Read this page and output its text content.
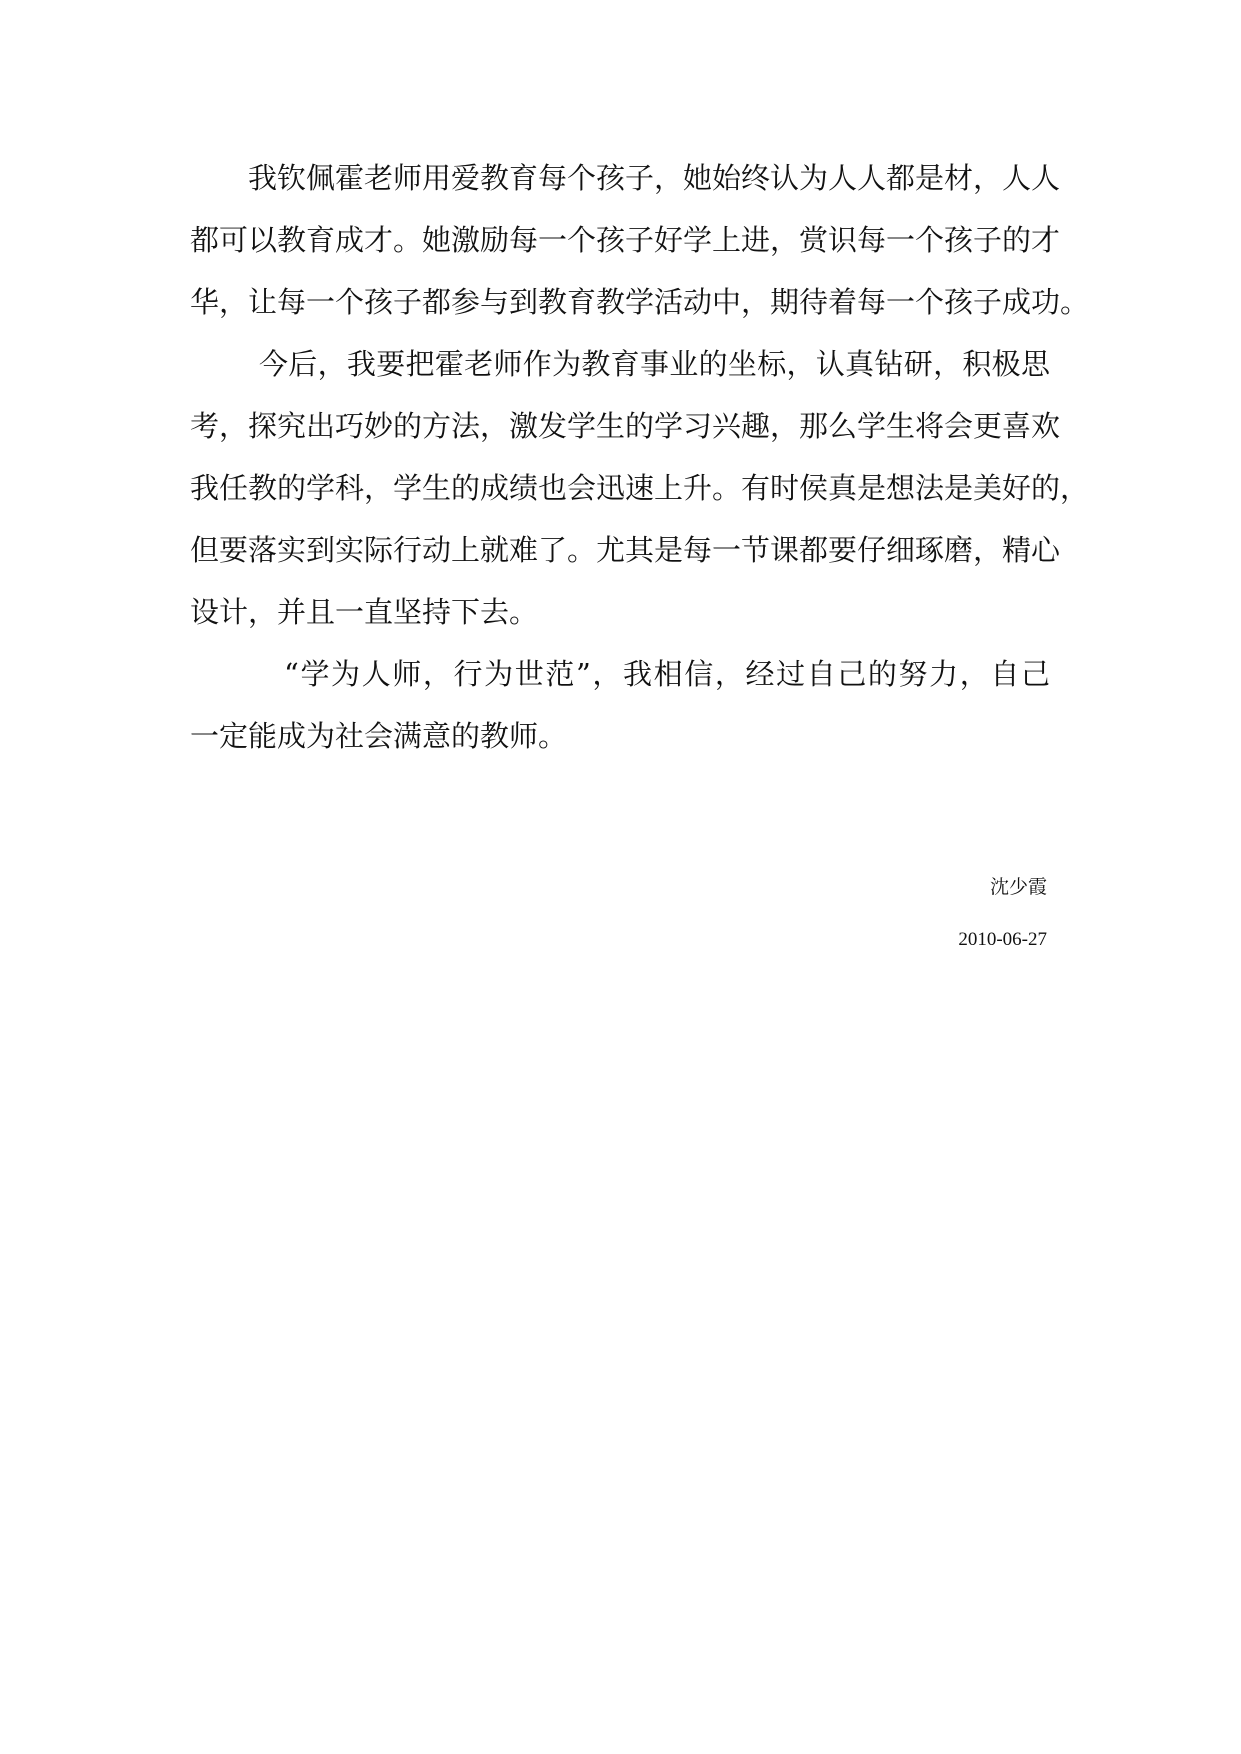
我钦佩霍老师用爱教育每个孩子，她始终认为人人都是材，人人
都可以教育成才。她激励每一个孩子好学上进，赏识每一个孩子的才
华，让每一个孩子都参与到教育教学活动中，期待着每一个孩子成功。
今后，我要把霍老师作为教育事业的坐标，认真钻研，积极思
考，探究出巧妙的方法，激发学生的学习兴趣，那么学生将会更喜欢
我任教的学科，学生的成绩也会迅速上升。有时侯真是想法是美好的，
但要落实到实际行动上就难了。尤其是每一节课都要仔细琢磨，精心
设计，并且一直坚持下去。
“学为人师，行为世范”，我相信，经过自己的努力，自己
一定能成为社会满意的教师。
沈少霞
2010-06-27
